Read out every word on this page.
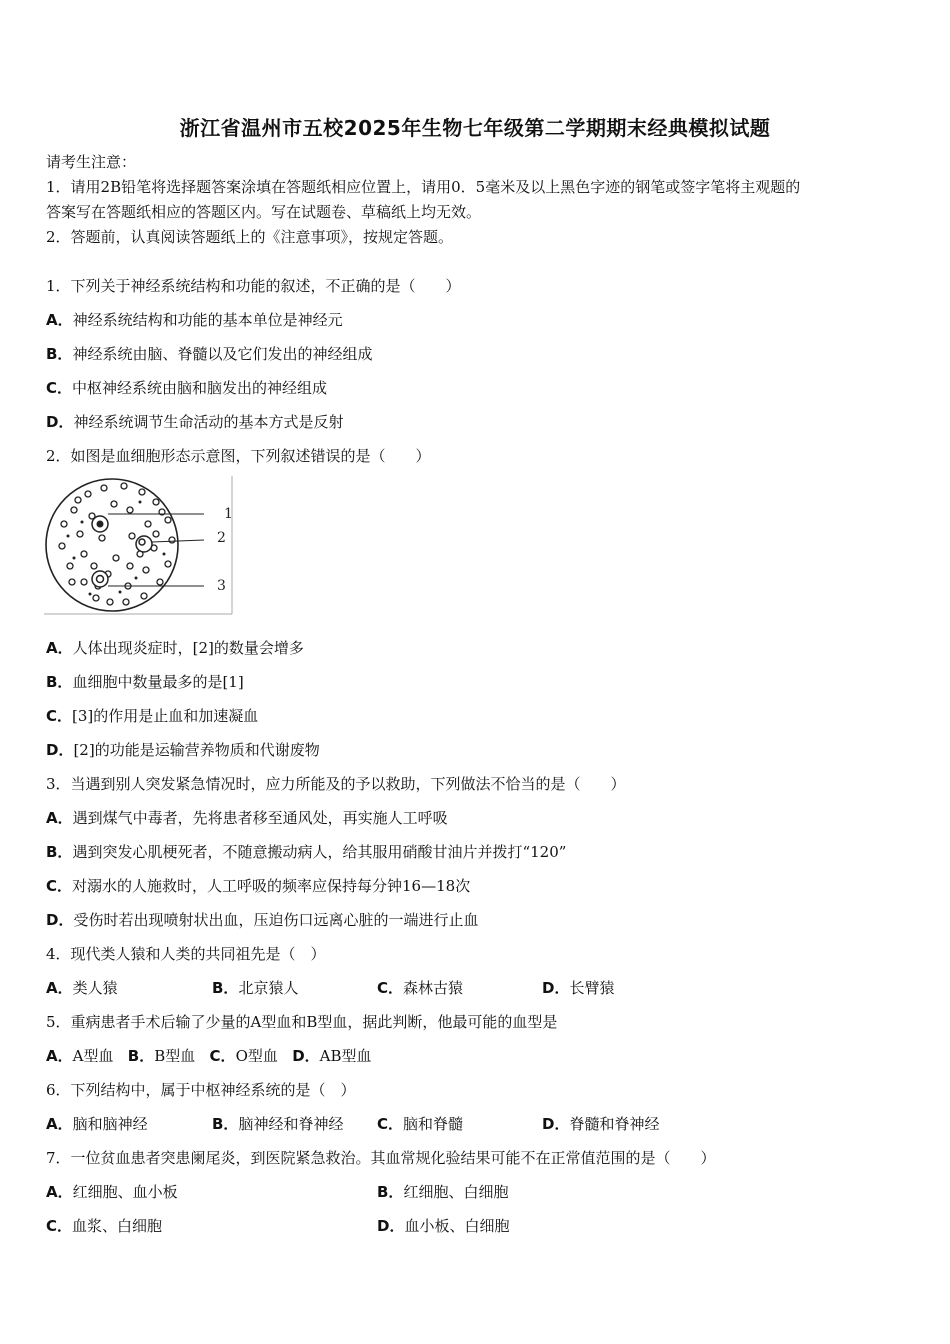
浙江省温州市五校2025年生物七年级第二学期期末经典模拟试题
请考生注意：
1．请用2B铅笔将选择题答案涂填在答题纸相应位置上，请用0．5毫米及以上黑色字迹的钢笔或签字笔将主观题的
答案写在答题纸相应的答题区内。写在试题卷、草稿纸上均无效。
2．答题前，认真阅读答题纸上的《注意事项》，按规定答题。
1．下列关于神经系统结构和功能的叙述，不正确的是（　　）
A．神经系统结构和功能的基本单位是神经元
B．神经系统由脑、脊髓以及它们发出的神经组成
C．中枢神经系统由脑和脑发出的神经组成
D．神经系统调节生命活动的基本方式是反射
2．如图是血细胞形态示意图，下列叙述错误的是（　　）
1
2
3
A．人体出现炎症时，[2]的数量会增多
B．血细胞中数量最多的是[1]
C．[3]的作用是止血和加速凝血
D．[2]的功能是运输营养物质和代谢废物
3．当遇到别人突发紧急情况时，应力所能及的予以救助，下列做法不恰当的是（　　）
A．遇到煤气中毒者，先将患者移至通风处，再实施人工呼吸
B．遇到突发心肌梗死者，不随意搬动病人，给其服用硝酸甘油片并拨打“120”
C．对溺水的人施救时，人工呼吸的频率应保持每分钟16—18次
D．受伤时若出现喷射状出血，压迫伤口远离心脏的一端进行止血
4．现代类人猿和人类的共同祖先是（　）
A．类人猿	B．北京猿人	C．森林古猿	D．长臂猿
5．重病患者手术后输了少量的A型血和B型血，据此判断，他最可能的血型是
A．A型血 B．B型血 C．O型血 D．AB型血
6．下列结构中，属于中枢神经系统的是（　）
A．脑和脑神经	B．脑神经和脊神经 C．脑和脊髓	D．脊髓和脊神经
7．一位贫血患者突患阑尾炎，到医院紧急救治。其血常规化验结果可能不在正常值范围的是（　　）
A．红细胞、血小板	B．红细胞、白细胞
C．血浆、白细胞	D．血小板、白细胞
